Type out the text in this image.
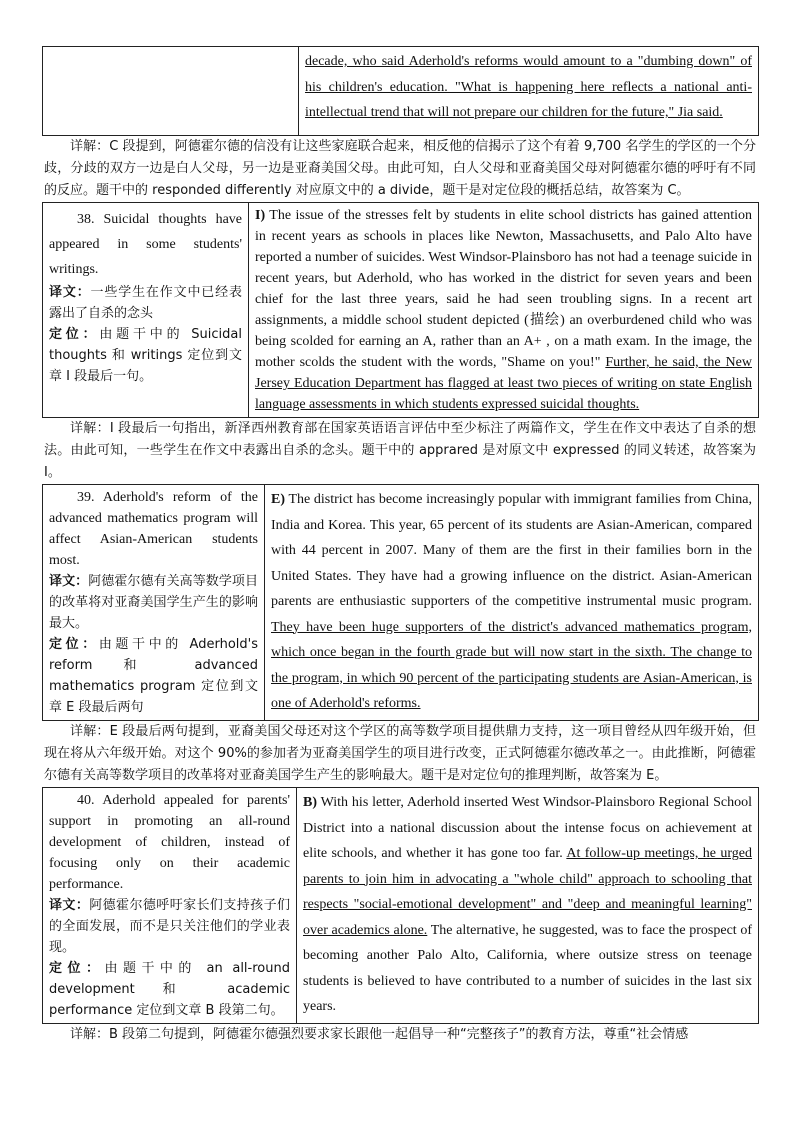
	decade, who said Aderhold's reforms would amount to a "dumbing down" of his children's education. "What is happening here reflects a national anti-intellectual trend that will not prepare our children for the future," Jia said.
详解：C 段提到，阿德霍尔德的信没有让这些家庭联合起来，相反他的信揭示了这个有着 9,700 名学生的学区的一个分歧，分歧的双方一边是白人父母，另一边是亚裔美国父母。由此可知，白人父母和亚裔美国父母对阿德霍尔德的呼吁有不同的反应。题干中的 responded differently 对应原文中的 a divide，题干是对定位段的概括总结，故答案为 C。
38. Suicidal thoughts have appeared in some students' writings.
译文：一些学生在作文中已经表露出了自杀的念头
定位：由题干中的 Suicidal thoughts 和 writings 定位到文章 I 段最后一句。
	I) The issue of the stresses felt by students in elite school districts has gained attention in recent years as schools in places like Newton, Massachusetts, and Palo Alto have reported a number of suicides. West Windsor-Plainsboro has not had a teenage suicide in recent years, but Aderhold, who has worked in the district for seven years and been chief for the last three years, said he had seen troubling signs. In a recent art assignments, a middle school student depicted (描绘) an overburdened child who was being scolded for earning an A, rather than an A+ , on a math exam. In the image, the mother scolds the student with the words, "Shame on you!" Further, he said, the New Jersey Education Department has flagged at least two pieces of writing on state English language assessments in which students expressed suicidal thoughts.
详解：I 段最后一句指出，新泽西州教育部在国家英语语言评估中至少标注了两篇作文，学生在作文中表达了自杀的想法。由此可知，一些学生在作文中表露出自杀的念头。题干中的 apprared 是对原文中 expressed 的同义转述，故答案为 I。
39. Aderhold's reform of the advanced mathematics program will affect Asian-American students most.
译文：阿德霍尔德有关高等数学项目的改革将对亚裔美国学生产生的影响最大。
定位：由题干中的 Aderhold's reform 和 advanced mathematics program 定位到文章 E 段最后两句
	E) The district has become increasingly popular with immigrant families from China, India and Korea. This year, 65 percent of its students are Asian-American, compared with 44 percent in 2007. Many of them are the first in their families born in the United States. They have had a growing influence on the district. Asian-American parents are enthusiastic supporters of the competitive instrumental music program. They have been huge supporters of the district's advanced mathematics program, which once began in the fourth grade but will now start in the sixth. The change to the program, in which 90 percent of the participating students are Asian-American, is one of Aderhold's reforms.
详解：E 段最后两句提到，亚裔美国父母还对这个学区的高等数学项目提供鼎力支持，这一项目曾经从四年级开始，但现在将从六年级开始。对这个 90%的参加者为亚裔美国学生的项目进行改变，正式阿德霍尔德改革之一。由此推断，阿德霍尔德有关高等数学项目的改革将对亚裔美国学生产生的影响最大。题干是对定位句的推理判断，故答案为 E。
40. Aderhold appealed for parents' support in promoting an all-round development of children, instead of focusing only on their academic performance.
译文：阿德霍尔德呼吁家长们支持孩子们的全面发展，而不是只关注他们的学业表现。
定位：由题干中的 an all-round development 和 academic performance 定位到文章 B 段第二句。
	B) With his letter, Aderhold inserted West Windsor-Plainsboro Regional School District into a national discussion about the intense focus on achievement at elite schools, and whether it has gone too far. At follow-up meetings, he urged parents to join him in advocating a "whole child" approach to schooling that respects "social-emotional development" and "deep and meaningful learning" over academics alone. The alternative, he suggested, was to face the prospect of becoming another Palo Alto, California, where outsize stress on teenage students is believed to have contributed to a number of suicides in the last six years.
详解：B 段第二句提到，阿德霍尔德强烈要求家长跟他一起倡导一种“完整孩子”的教育方法，尊重“社会情感
